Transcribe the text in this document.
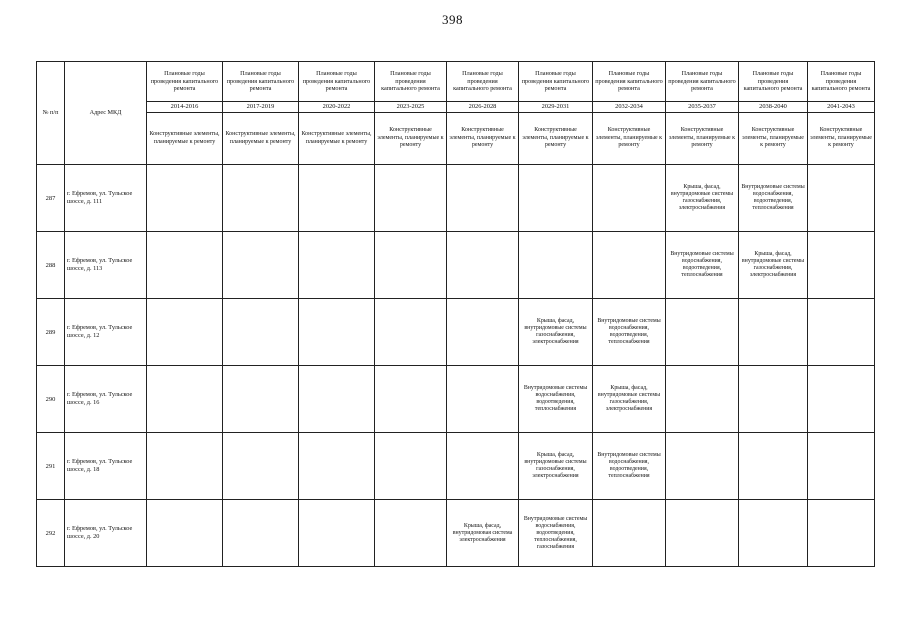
398
№ п/п	Адрес МКД	Плановые годы проведения капитального ремонта	Плановые годы проведения капитального ремонта	Плановые годы проведения капитального ремонта	Плановые годы проведения капитального ремонта	Плановые годы проведения капитального ремонта	Плановые годы проведения капитального ремонта	Плановые годы проведения капитального ремонта	Плановые годы проведения капитального ремонта	Плановые годы проведения капитального ремонта	Плановые годы проведения капитального ремонта
		2014-2016	2017-2019	2020-2022	2023-2025	2026-2028	2029-2031	2032-2034	2035-2037	2038-2040	2041-2043
		Конструктивные элементы, планируемые к ремонту	Конструктивные элементы, планируемые к ремонту	Конструктивные элементы, планируемые к ремонту	Конструктивные элементы, планируемые к ремонту	Конструктивные элементы, планируемые к ремонту	Конструктивные элементы, планируемые к ремонту	Конструктивные элементы, планируемые к ремонту	Конструктивные элементы, планируемые к ремонту	Конструктивные элементы, планируемые к ремонту	Конструктивные элементы, планируемые к ремонту
287	г. Ефремов, ул. Тульское шоссе, д. 111								Крыша, фасад, внутридомовые системы газоснабжения, электроснабжения	Внутридомовые системы водоснабжения, водоотведения, теплоснабжения	
288	г. Ефремов, ул. Тульское шоссе, д. 113								Внутридомовые системы водоснабжения, водоотведения, теплоснабжения	Крыша, фасад, внутридомовые системы газоснабжения, электроснабжения	
289	г. Ефремов, ул. Тульское шоссе, д. 12						Крыша, фасад, внутридомовые системы газоснабжения, электроснабжения	Внутридомовые системы водоснабжения, водоотведения, теплоснабжения			
290	г. Ефремов, ул. Тульское шоссе, д. 16						Внутридомовые системы водоснабжения, водоотведения, теплоснабжения	Крыша, фасад, внутридомовые системы газоснабжения, электроснабжения			
291	г. Ефремов, ул. Тульское шоссе, д. 18						Крыша, фасад, внутридомовые системы газоснабжения, электроснабжения	Внутридомовые системы водоснабжения, водоотведения, теплоснабжения			
292	г. Ефремов, ул. Тульское шоссе, д. 20					Крыша, фасад, внутридомовая система электроснабжения	Внутридомовые системы водоснабжения, водоотведения, теплоснабжения, газоснабжения				
